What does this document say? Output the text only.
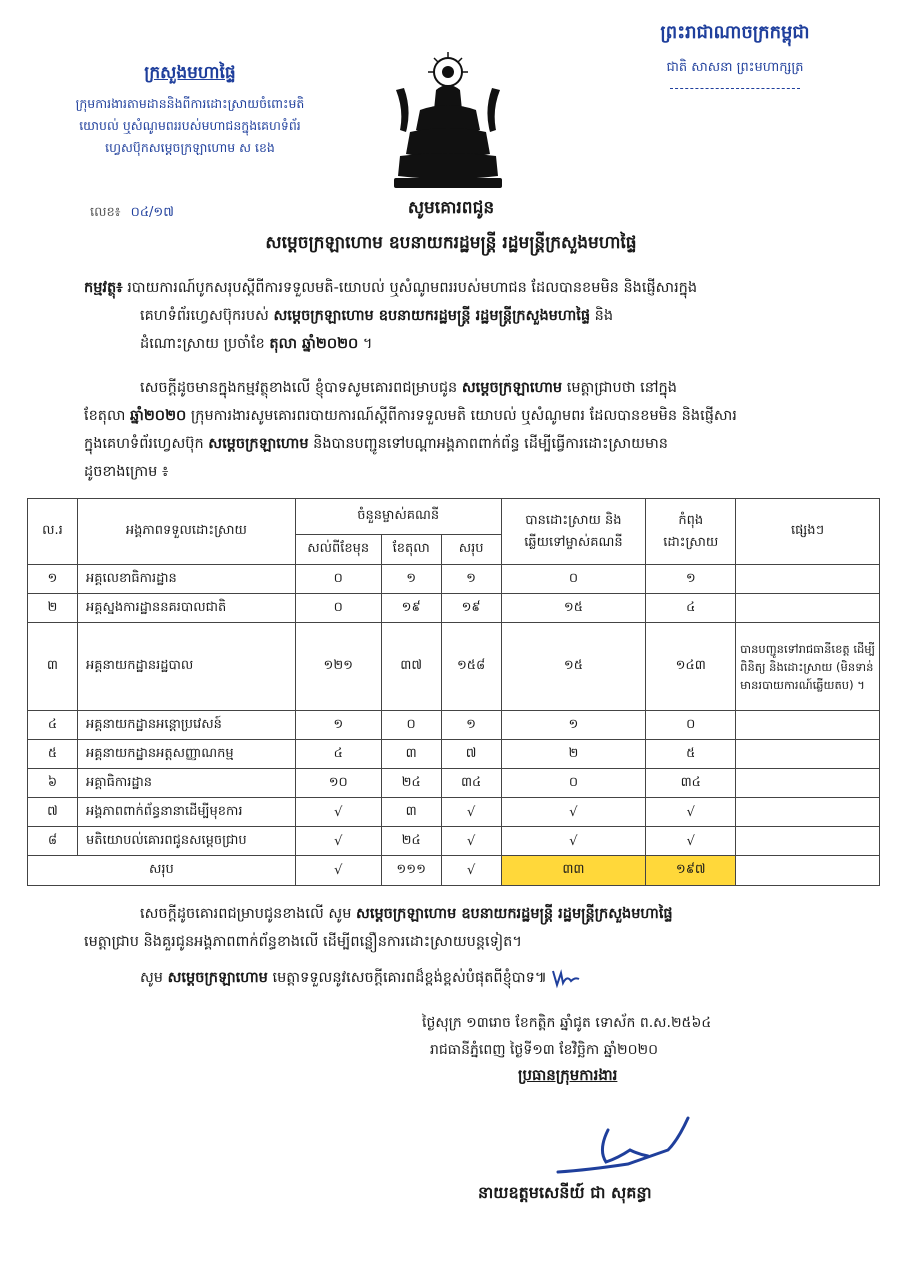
ក្រសួងមហាផ្ទៃ
ក្រុមការងារតាមដាននិងពីការដោះស្រាយចំពោះមតិ
យោបល់ ឬសំណូមពររបស់មហាជនក្នុងគេហទំព័រ
ហ្វេសប៊ុកសម្តេចក្រឡាហោម ស ខេង
ព្រះរាជាណាចក្រកម្ពុជា
ជាតិ សាសនា ព្រះមហាក្សត្រ
លេខ៖ ០៤/១៧	សូមគោរពជូន
សម្តេចក្រឡាហោម ឧបនាយករដ្ឋមន្ត្រី រដ្ឋមន្ត្រីក្រសួងមហាផ្ទៃ
កម្មវត្ថុ៖ របាយការណ៍បូកសរុបស្តីពីការទទួលមតិ-យោបល់ ឬសំណូមពររបស់មហាជន ដែលបានខមមិន និងផ្ញើសារក្នុង
គេហទំព័រហ្វេសប៊ុករបស់ សម្តេចក្រឡាហោម ឧបនាយករដ្ឋមន្ត្រី រដ្ឋមន្ត្រីក្រសួងមហាផ្ទៃ និង
ដំណោះស្រាយ ប្រចាំខែ តុលា ឆ្នាំ២០២០ ។
សេចក្តីដូចមានក្នុងកម្មវត្ថុខាងលើ ខ្ញុំបាទសូមគោរពជម្រាបជូន សម្តេចក្រឡាហោម មេត្តាជ្រាបថា នៅក្នុង
ខែតុលា ឆ្នាំ២០២០ ក្រុមការងារសូមគោរពរបាយការណ៍ស្តីពីការទទួលមតិ យោបល់ ឬសំណូមពរ ដែលបានខមមិន និងផ្ញើសារ
ក្នុងគេហទំព័រហ្វេសប៊ុក សម្តេចក្រឡាហោម និងបានបញ្ជូនទៅបណ្តាអង្គភាពពាក់ព័ន្ធ ដើម្បីធ្វើការដោះស្រាយមាន
ដូចខាងក្រោម ៖
ល.រ	អង្គភាពទទួលដោះស្រាយ	ចំនួនម្ចាស់គណនី			បានដោះស្រាយ និង
ឆ្លើយទៅម្ចាស់គណនី	កំពុង
ដោះស្រាយ	ផ្សេងៗ
		សល់ពីខែមុន	ខែតុលា	សរុប			
១	អគ្គលេខាធិការដ្ឋាន	០	១	១	០	១	
២	អគ្គស្នងការដ្ឋាននគរបាលជាតិ	០	១៩	១៩	១៥	៤	
៣	អគ្គនាយកដ្ឋានរដ្ឋបាល	១២១	៣៧	១៥៨	១៥	១៤៣	បានបញ្ជូនទៅរាជធានីខេត្ត ដើម្បីពិនិត្យ និងដោះស្រាយ (មិនទាន់មានរបាយការណ៍ឆ្លើយតប) ។
៤	អគ្គនាយកដ្ឋានអន្តោប្រវេសន៍	១	០	១	១	០	
៥	អគ្គនាយកដ្ឋានអត្តសញ្ញាណកម្ម	៤	៣	៧	២	៥	
៦	អគ្គាធិការដ្ឋាន	១០	២៤	៣៤	០	៣៤	
៧	អង្គភាពពាក់ព័ន្ធនានាដើម្បីមុខការ	√	៣	√	√	√	
៨	មតិយោបល់គោរពជូនសម្តេចជ្រាប	√	២៤	√	√	√	
សរុប		√	១១១	√	៣៣	១៩៧	
សេចក្តីដូចគោរពជម្រាបជូនខាងលើ សូម សម្តេចក្រឡាហោម ឧបនាយករដ្ឋមន្ត្រី រដ្ឋមន្ត្រីក្រសួងមហាផ្ទៃ
មេត្តាជ្រាប និងគួរជូនអង្គភាពពាក់ព័ន្ធខាងលើ ដើម្បីពន្លឿនការដោះស្រាយបន្តទៀត។
សូម សម្តេចក្រឡាហោម មេត្តាទទួលនូវសេចក្តីគោរពដ៏ខ្ពង់ខ្ពស់បំផុតពីខ្ញុំបាទ៕
ថ្ងៃសុក្រ ១៣រោច ខែកត្តិក ឆ្នាំជូត ទោស័ក ព.ស.២៥៦៤
រាជធានីភ្នំពេញ ថ្ងៃទី១៣ ខែវិច្ឆិកា ឆ្នាំ២០២០
ប្រធានក្រុមការងារ
នាយឧត្តមសេនីយ៍ ជា សុគន្ធា
